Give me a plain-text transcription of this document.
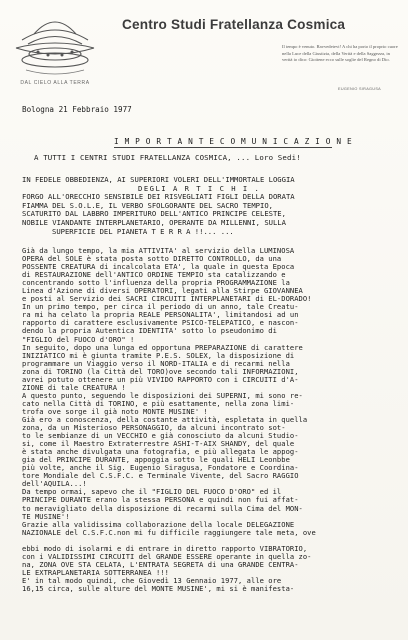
DAL CIELO ALLA TERRA
Centro Studi Fratellanza Cosmica
Il tempo è venuto. Ravvedetevi! A chi ha porto il proprio cuore nella Luce della Giustizia, della Verità e della Saggezza, in verità io dico: Gioitene ecco sulle soglie del Regno di Dio.
EUGENIO SIRAGUSA
Bologna 21 Febbraio 1977
I M P O R T A N T E C O M U N I C A Z I O N E
A TUTTI I CENTRI STUDI FRATELLANZA COSMICA, ... Loro Sedi!
IN FEDELE OBBEDIENZA, AI SUPERIORI VOLERI DELL'IMMORTALE LOGGIA
DEGLI A R T I C H I .
FORGO ALL'ORECCHIO SENSIBILE DEI RISVEGLIATI FIGLI DELLA DORATA
FIAMMA DEL S.O.L.E, IL VERBO SFOLGORANTE DEL SACRO TEMPIO,
SCATURITO DAL LABBRO IMPERITURO DELL'ANTICO PRINCIPE CELESTE,
NOBILE VIANDANTE INTERPLANETARIO, OPERANTE DA MILLENNI, SULLA
SUPERFICIE DEL PIANETA T E R R A !!... ...
Già da lungo tempo, la mia ATTIVITA' al servizio della LUMINOSA
OPERA del SOLE è stata posta sotto DIRETTO CONTROLLO, da una
POSSENTE CREATURA di incalcolata ETA', la quale in questa Epoca
di RESTAURAZIONE dell'ANTICO ORDINE TEMPIO sta catalizzando e
concentrando sotto l'influenza della propria PROGRAMMAZIONE la
Linea d'Azione di diversi OPERATORI, legati alla Stirpe GIOVANNEA
e posti al Servizio dei SACRI CIRCUITI INTERPLANETARI di EL-DORADO!
In un primo tempo, per circa il periodo di un anno, tale Creatu-
ra mi ha celato la propria REALE PERSONALITA', limitandosi ad un
rapporto di carattere esclusivamente PSICO-TELEPATICO, e nascon-
dendo la propria Autentica IDENTITA' sotto lo pseudonimo di
"FIGLIO del FUOCO d'ORO" !
In seguito, dopo una lunga ed opportuna PREPARAZIONE di carattere
INIZIATICO mi è giunta tramite P.E.S. SOLEX, la disposizione di
programmare un Viaggio verso il NORD-ITALIA e di recarmi nella
zona di TORINO (la Città del TORO)ove secondo tali INFORMAZIONI,
avrei potuto ottenere un più VIVIDO RAPPORTO con i CIRCUITI d'A-
ZIONE di tale CREATURA !
A questo punto, seguendo le disposizioni dei SUPERNI, mi sono re-
cato nella Città di TORINO, e più esattamente, nella zona limi-
trofa ove sorge il già noto MONTE MUSINE' !
Già ero a conoscenza, della costante attività, espletata in quella
zona, da un Misterioso PERSONAGGIO, da alcuni incontrato sot-
to le sembianze di un VECCHIO e già conosciuto da alcuni Studio-
si, come il Maestro Extraterrestre ASHI-T-AIX SHANDY, del quale
è stata anche divulgata una fotografia, e più allegata le appog-
gia del PRINCIPE DURANTE, appoggia sotto le quali HELI Leonbbe
più volte, anche il Sig. Eugenio Siragusa, Fondatore e Coordina-
tore Mondiale del C.S.F.C. e Terminale Vivente, del Sacro RAGGIO
dell'AQUILA...!
Da tempo ormai, sapevo che il "FIGLIO DEL FUOCO D'ORO" ed il
PRINCIPE DURANTE erano la stessa PERSONA e quindi non fui affat-
to meravigliato della disposizione di recarmi sulla Cima del MON-
TE MUSINE'!
Grazie alla validissima collaborazione della locale DELEGAZIONE
NAZIONALE del C.S.F.C.non mi fu difficile raggiungere tale meta, ove

ebbi modo di isolarmi e di entrare in diretto rapporto VIBRATORIO,
con i VALIDISSIMI CIRCUITI del GRANDE ESSERE operante in quella zo-
na, ZONA OVE STA CELATA, L'ENTRATA SEGRETA di una GRANDE CENTRA-
LE EXTRAPLANETARIA SOTTERRANEA !!!
E' in tal modo quindi, che Giovedì 13 Gennaio 1977, alle ore
16,15 circa, sulle alture del MONTE MUSINE', mi si è manifesta-
